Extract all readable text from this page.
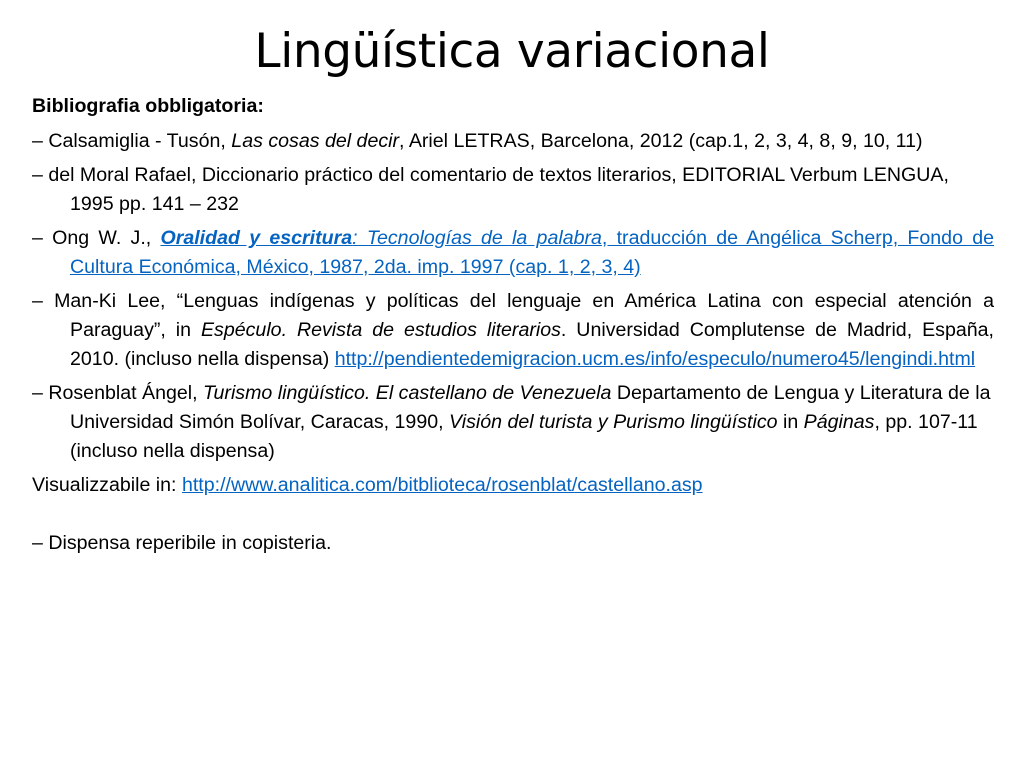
Lingüística variacional
Bibliografia obbligatoria:
– Calsamiglia - Tusón, Las cosas del decir, Ariel LETRAS, Barcelona, 2012 (cap.1, 2, 3, 4, 8, 9, 10, 11)
– del Moral Rafael, Diccionario práctico del comentario de textos literarios, EDITORIAL Verbum LENGUA, 1995 pp. 141 – 232
– Ong W. J., Oralidad y escritura: Tecnologías de la palabra, traducción de Angélica Scherp, Fondo de Cultura Económica, México, 1987, 2da. imp. 1997 (cap. 1, 2, 3, 4)
– Man-Ki Lee, “Lenguas indígenas y políticas del lenguaje en América Latina con especial atención a Paraguay”, in Espéculo. Revista de estudios literarios. Universidad Complutense de Madrid, España, 2010. (incluso nella dispensa) http://pendientedemigracion.ucm.es/info/especulo/numero45/lengindi.html
– Rosenblat Ángel, Turismo lingüístico. El castellano de Venezuela Departamento de Lengua y Literatura de la Universidad Simón Bolívar, Caracas, 1990, Visión del turista y Purismo lingüístico in Páginas, pp. 107-11 (incluso nella dispensa)
Visualizzabile in: http://www.analitica.com/bitblioteca/rosenblat/castellano.asp
– Dispensa reperibile in copisteria.
